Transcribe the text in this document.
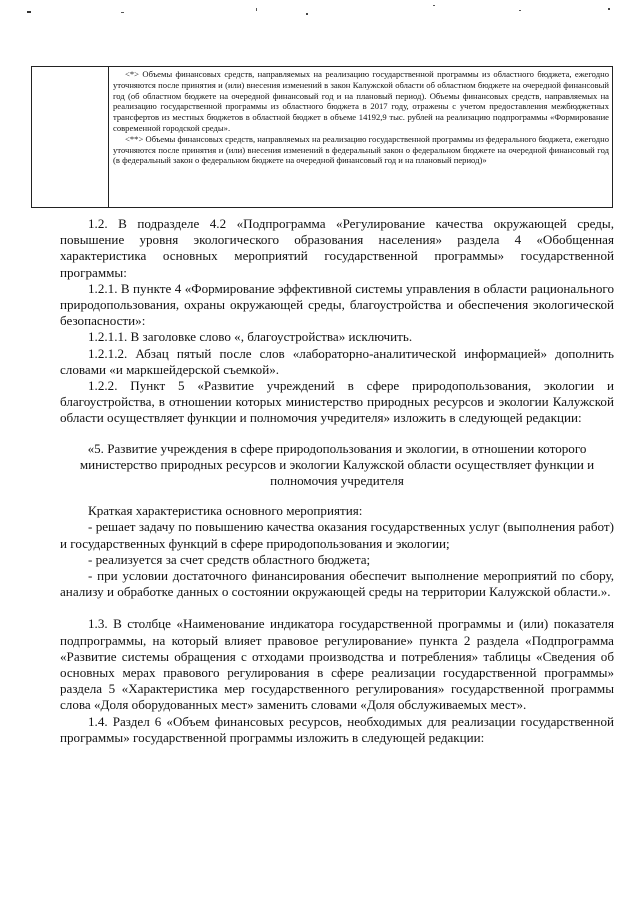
<*> Объемы финансовых средств, направляемых на реализацию государственной программы из областного бюджета, ежегодно уточняются после принятия и (или) внесения изменений в закон Калужской области об областном бюджете на очередной финансовый год (об областном бюджете на очередной финансовый год и на плановый период). Объемы финансовых средств, направляемых на реализацию государственной программы из областного бюджета в 2017 году, отражены с учетом предоставления межбюджетных трансфертов из местных бюджетов в областной бюджет в объеме 14192,9 тыс. рублей на реализацию подпрограммы «Формирование современной городской среды».

<**> Объемы финансовых средств, направляемых на реализацию государственной программы из федерального бюджета, ежегодно уточняются после принятия и (или) внесения изменений в федеральный закон о федеральном бюджете на очередной финансовый год (в федеральный закон о федеральном бюджете на очередной финансовый год и на плановый период)»

1.2. В подразделе 4.2 «Подпрограмма «Регулирование качества окружающей среды, повышение уровня экологического образования населения» раздела 4 «Обобщенная характеристика основных мероприятий государственной программы» государственной программы:

1.2.1. В пункте 4 «Формирование эффективной системы управления в области рационального природопользования, охраны окружающей среды, благоустройства и обеспечения экологической безопасности»:

1.2.1.1. В заголовке слово «, благоустройства» исключить.

1.2.1.2. Абзац пятый после слов «лабораторно-аналитической информацией» дополнить словами «и маркшейдерской съемкой».

1.2.2. Пункт 5 «Развитие учреждений в сфере природопользования, экологии и благоустройства, в отношении которых министерство природных ресурсов и экологии Калужской области осуществляет функции и полномочия учредителя» изложить в следующей редакции:

«5. Развитие учреждения в сфере природопользования и экологии, в отношении которого министерство природных ресурсов и экологии Калужской области осуществляет функции и полномочия учредителя

Краткая характеристика основного мероприятия:

- решает задачу по повышению качества оказания государственных услуг (выполнения работ) и государственных функций в сфере природопользования и экологии;

- реализуется за счет средств областного бюджета;

- при условии достаточного финансирования обеспечит выполнение мероприятий по сбору, анализу и обработке данных о состоянии окружающей среды на территории Калужской области.».

1.3. В столбце «Наименование индикатора государственной программы и (или) показателя подпрограммы, на который влияет правовое регулирование» пункта 2 раздела «Подпрограмма «Развитие системы обращения с отходами производства и потребления» таблицы «Сведения об основных мерах правового регулирования в сфере реализации государственной программы» раздела 5 «Характеристика мер государственного регулирования» государственной программы слова «Доля оборудованных мест» заменить словами «Доля обслуживаемых мест».

1.4. Раздел 6 «Объем финансовых ресурсов, необходимых для реализации государственной программы» государственной программы изложить в следующей редакции:
